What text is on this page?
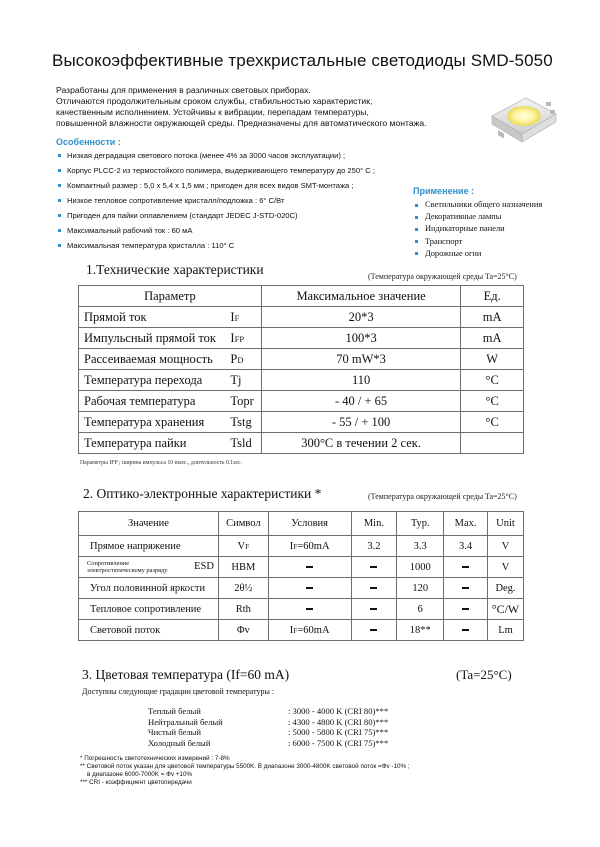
Высокоэффективные трехкристальные светодиоды SMD-5050
Разработаны для применения в различных световых приборах.
Отличаются продолжительным сроком службы, стабильностью характеристик,
качественным исполнением. Устойчивы к вибрации, перепадам температуры,
повышенной влажности окружающей среды. Предназначены для автоматического монтажа.
Особенности :
Низкая деградация светового потока (менее 4% за 3000 часов эксплуатации) ;
Корпус PLCC-2 из термостойкого полимера, выдерживающего температуру до 250° С ;
Компактный размер : 5,0 х 5,4 х 1,5 мм ; пригоден для всех видов SMT-монтажа ;
Низкое тепловое сопротивление кристалл/подложка : 6° С/Вт
Пригоден для пайки оплавлением (стандарт JEDEC J-STD-020С)
Максимальный рабочий ток : 60 мА
Максимальная температура кристалла : 110° С
Применение :
Светильники общего назначения
Декоративные лампы
Индикаторные панели
Транспорт
Дорожные огни
1.Технические характеристики	(Температура окружающей среды Ta=25°C)
Параметр		Максимальное значение	Ед.
Прямой ток	IF	20*3	mA
Импульсный прямой ток	IFP	100*3	mA
Рассеиваемая мощность	PD	70 mW*3	W
Температура перехода	Tj	110	°C
Рабочая температура	Topr	- 40 / + 65	°C
Температура хранения	Tstg	- 55 / + 100	°C
Температура пайки	Tsld	300°C в течении 2 сек.	
Параметры IFP ; ширина импульса 10 msec., длительность 0.1sec.
2. Оптико-электронные характеристики *	(Температура окружающей среды Ta=25°C)
Значение	Символ	Условия	Min.	Typ.	Max.	Unit
Прямое напряжение	VF	IF=60mA	3.2	3.3	3.4	V

Сопротивление электростатическому разряду ESD	HBM			1000		V
Угол половинной яркости	2θ½			120		Deg.
Тепловое сопротивление	Rth			6		°C/W
Световой поток	Φv	IF=60mA		18**		Lm
3. Цветовая температура (If=60 mA)	(Ta=25°C)
Доступны следующие градации цветовой температуры :
Теплый белый	: 3000 - 4000 K (CRI 80)***
Нейтральный белый	: 4300 - 4800 K (CRI 80)***
Чистый белый	: 5000 - 5800 K (CRI 75)***
Холодный белый	: 6000 - 7500 K (CRI 75)***
* Погрешность светотехнических измерений : 7-8%
** Световой поток указан для цветовой температуры 5500K. В диапазоне 3000-4800K световой поток =Фv -10% ;
в диапазоне 6000-7000K = Фv +10%
*** CRI - коэффициент цветопередачи
